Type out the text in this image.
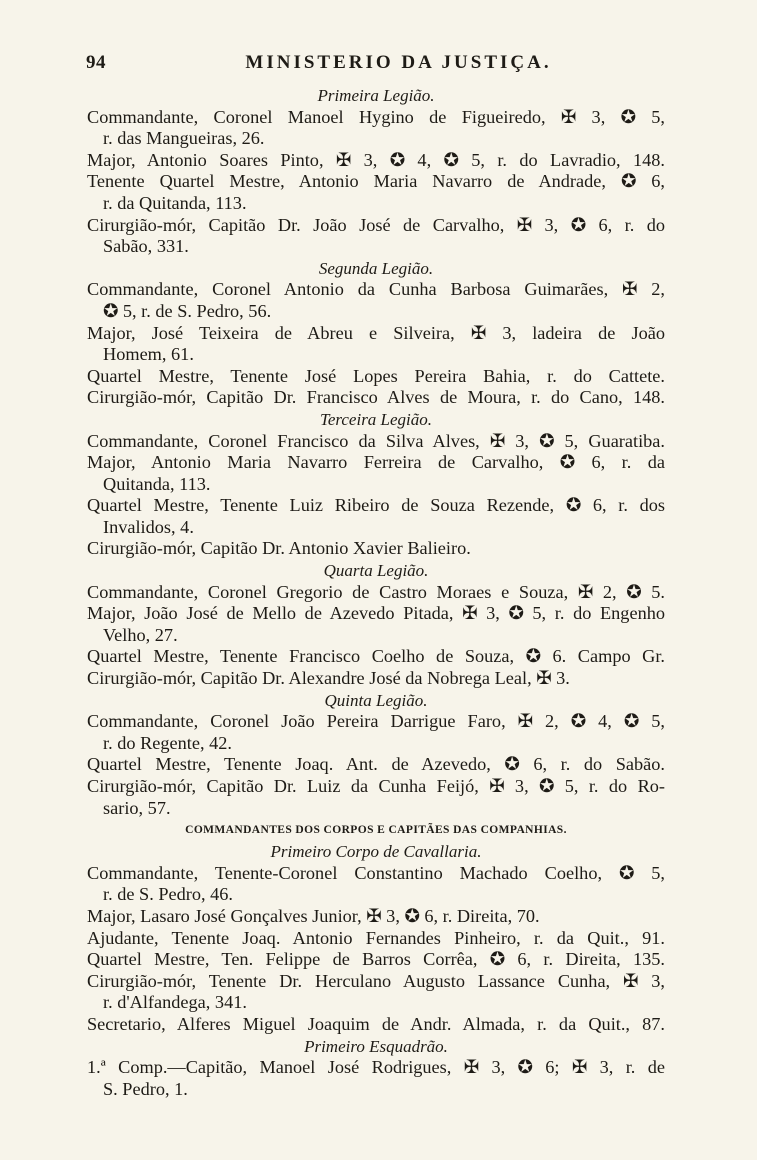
94	MINISTERIO DA JUSTIÇA.
Primeira Legião.
Commandante, Coronel Manoel Hygino de Figueiredo, ✠ 3, ✪ 5,
r. das Mangueiras, 26.
Major, Antonio Soares Pinto, ✠ 3, ✪ 4, ✪ 5, r. do Lavradio, 148.
Tenente Quartel Mestre, Antonio Maria Navarro de Andrade, ✪ 6,
r. da Quitanda, 113.
Cirurgião-mór, Capitão Dr. João José de Carvalho, ✠ 3, ✪ 6, r. do
Sabão, 331.
Segunda Legião.
Commandante, Coronel Antonio da Cunha Barbosa Guimarães, ✠ 2,
✪ 5, r. de S. Pedro, 56.
Major, José Teixeira de Abreu e Silveira, ✠ 3, ladeira de João
Homem, 61.
Quartel Mestre, Tenente José Lopes Pereira Bahia, r. do Cattete.
Cirurgião-mór, Capitão Dr. Francisco Alves de Moura, r. do Cano, 148.
Terceira Legião.
Commandante, Coronel Francisco da Silva Alves, ✠ 3, ✪ 5, Guaratiba.
Major, Antonio Maria Navarro Ferreira de Carvalho, ✪ 6, r. da
Quitanda, 113.
Quartel Mestre, Tenente Luiz Ribeiro de Souza Rezende, ✪ 6, r. dos
Invalidos, 4.
Cirurgião-mór, Capitão Dr. Antonio Xavier Balieiro.
Quarta Legião.
Commandante, Coronel Gregorio de Castro Moraes e Souza, ✠ 2, ✪ 5.
Major, João José de Mello de Azevedo Pitada, ✠ 3, ✪ 5, r. do Engenho
Velho, 27.
Quartel Mestre, Tenente Francisco Coelho de Souza, ✪ 6. Campo Gr.
Cirurgião-mór, Capitão Dr. Alexandre José da Nobrega Leal, ✠ 3.
Quinta Legião.
Commandante, Coronel João Pereira Darrigue Faro, ✠ 2, ✪ 4, ✪ 5,
r. do Regente, 42.
Quartel Mestre, Tenente Joaq. Ant. de Azevedo, ✪ 6, r. do Sabão.
Cirurgião-mór, Capitão Dr. Luiz da Cunha Feijó, ✠ 3, ✪ 5, r. do Ro-
sario, 57.
COMMANDANTES DOS CORPOS E CAPITÃES DAS COMPANHIAS.
Primeiro Corpo de Cavallaria.
Commandante, Tenente-Coronel Constantino Machado Coelho, ✪ 5,
r. de S. Pedro, 46.
Major, Lasaro José Gonçalves Junior, ✠ 3, ✪ 6, r. Direita, 70.
Ajudante, Tenente Joaq. Antonio Fernandes Pinheiro, r. da Quit., 91.
Quartel Mestre, Ten. Felippe de Barros Corrêa, ✪ 6, r. Direita, 135.
Cirurgião-mór, Tenente Dr. Herculano Augusto Lassance Cunha, ✠ 3,
r. d'Alfandega, 341.
Secretario, Alferes Miguel Joaquim de Andr. Almada, r. da Quit., 87.
Primeiro Esquadrão.
1.ª Comp.—Capitão, Manoel José Rodrigues, ✠ 3, ✪ 6; ✠ 3, r. de
S. Pedro, 1.
